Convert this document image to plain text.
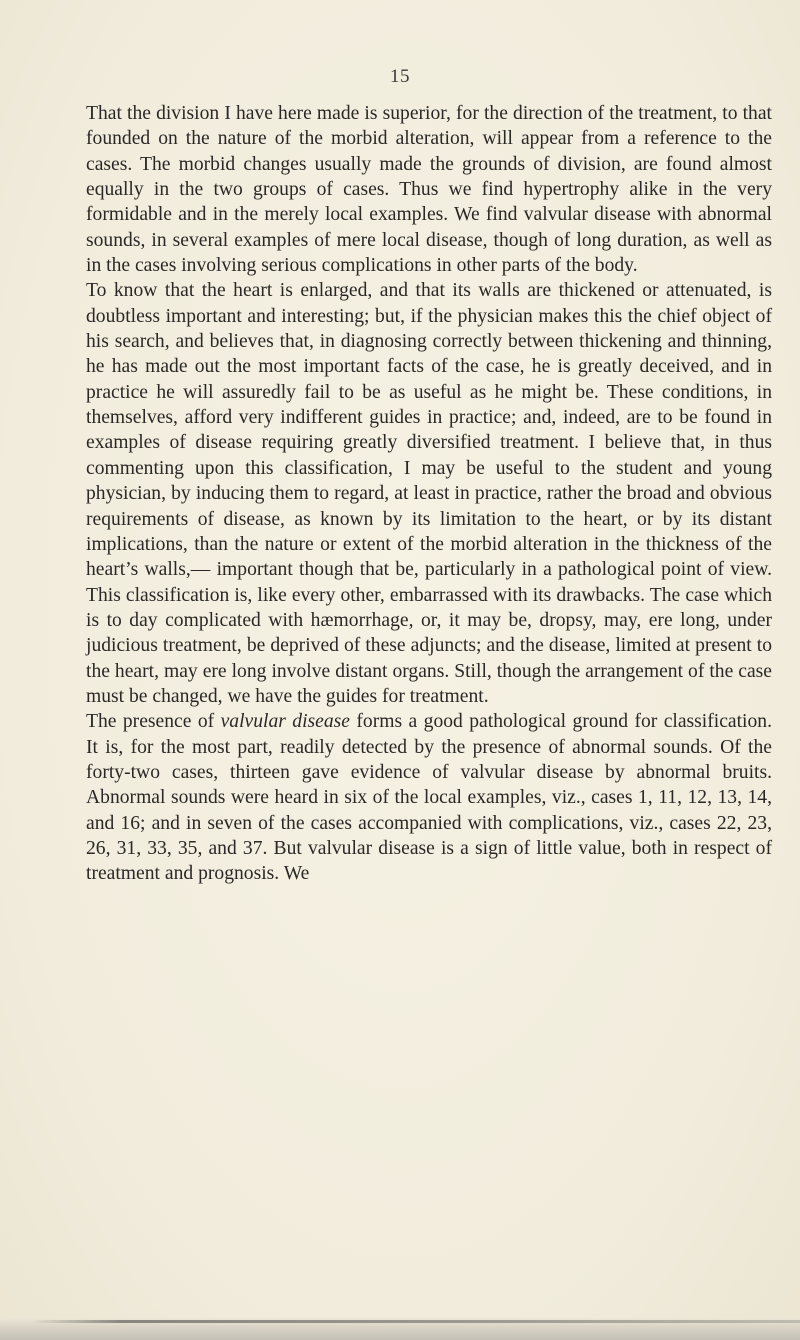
15

That the division I have here made is superior, for the direction of the treatment, to that founded on the nature of the morbid alteration, will appear from a reference to the cases. The morbid changes usually made the grounds of division, are found almost equally in the two groups of cases. Thus we find hypertrophy alike in the very formidable and in the merely local examples. We find valvular disease with abnormal sounds, in several examples of mere local disease, though of long duration, as well as in the cases involving serious complications in other parts of the body.

To know that the heart is enlarged, and that its walls are thickened or attenuated, is doubtless important and interesting; but, if the physician makes this the chief object of his search, and believes that, in diagnosing correctly between thickening and thinning, he has made out the most important facts of the case, he is greatly deceived, and in practice he will assuredly fail to be as useful as he might be. These conditions, in themselves, afford very indifferent guides in practice; and, indeed, are to be found in examples of disease requiring greatly diversified treatment. I believe that, in thus commenting upon this classification, I may be useful to the student and young physician, by inducing them to regard, at least in practice, rather the broad and obvious requirements of disease, as known by its limitation to the heart, or by its distant implications, than the nature or extent of the morbid alteration in the thickness of the heart’s walls,— important though that be, particularly in a pathological point of view. This classification is, like every other, embarrassed with its drawbacks. The case which is to day complicated with hæmorrhage, or, it may be, dropsy, may, ere long, under judicious treatment, be deprived of these adjuncts; and the disease, limited at present to the heart, may ere long involve distant organs. Still, though the arrangement of the case must be changed, we have the guides for treatment.

The presence of valvular disease forms a good pathological ground for classification. It is, for the most part, readily detected by the presence of abnormal sounds. Of the forty-two cases, thirteen gave evidence of valvular disease by abnormal bruits. Abnormal sounds were heard in six of the local examples, viz., cases 1, 11, 12, 13, 14, and 16; and in seven of the cases accompanied with complications, viz., cases 22, 23, 26, 31, 33, 35, and 37. But valvular disease is a sign of little value, both in respect of treatment and prognosis. We
